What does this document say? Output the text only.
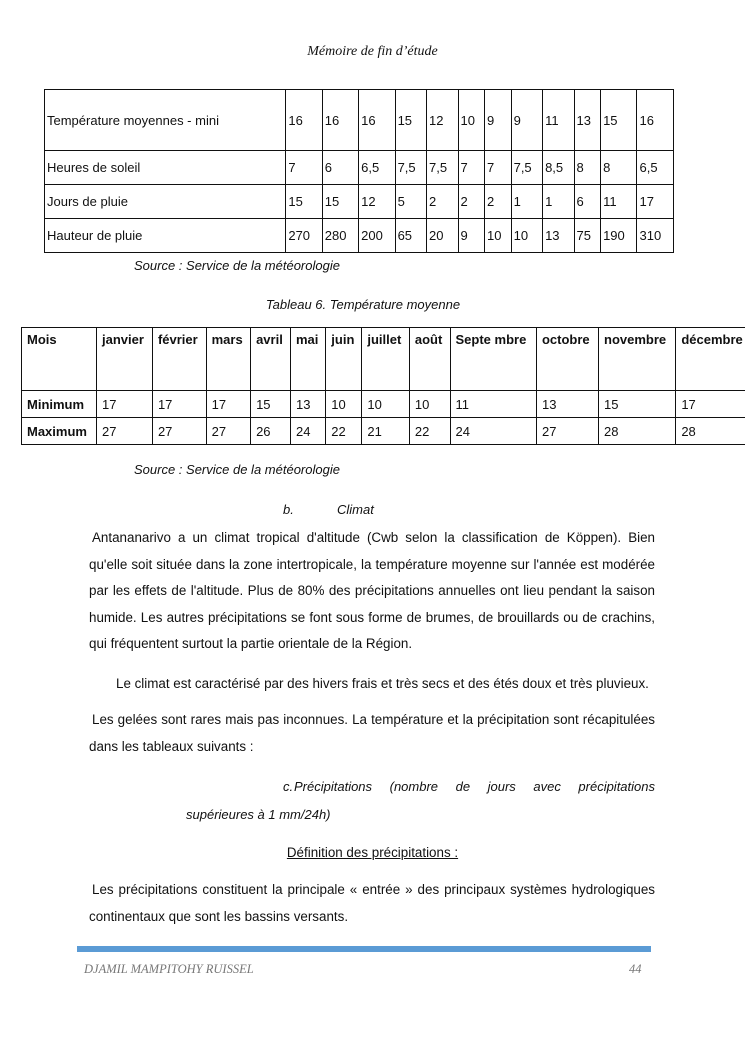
Mémoire de fin d’étude
Température moyennes - mini	16	16	16	15	12	10	9	9	11	13	15	16
Heures de soleil	7	6	6,5	7,5	7,5	7	7	7,5	8,5	8	8	6,5
Jours de pluie	15	15	12	5	2	2	2	1	1	6	11	17
Hauteur de pluie	270	280	200	65	20	9	10	10	13	75	190	310
Source : Service de la météorologie
Tableau 6. Température moyenne
Mois	janvier	février	mars	avril	mai	juin	juillet	août	Septe mbre	octobre	novembre	décembre
Minimum	17	17	17	15	13	10	10	10	11	13	15	17
Maximum	27	27	27	26	24	22	21	22	24	27	28	28
Source : Service de la météorologie
b.	Climat
Antananarivo a un climat tropical d'altitude (Cwb selon la classification de Köppen). Bien qu'elle soit située dans la zone intertropicale, la température moyenne sur l'année est modérée par les effets de l'altitude. Plus de 80% des précipitations annuelles ont lieu pendant la saison humide. Les autres précipitations se font sous forme de brumes, de brouillards ou de crachins, qui fréquentent surtout la partie orientale de la Région.
Le climat est caractérisé par des hivers frais et très secs et des étés doux et très pluvieux.
Les gelées sont rares mais pas inconnues. La température et la précipitation sont récapitulées dans les tableaux suivants :
c. Précipitations (nombre de jours avec précipitations
supérieures à 1 mm/24h)
Définition des précipitations :
Les précipitations constituent la principale « entrée » des principaux systèmes hydrologiques continentaux que sont les bassins versants.
DJAMIL MAMPITOHY RUISSEL	44
